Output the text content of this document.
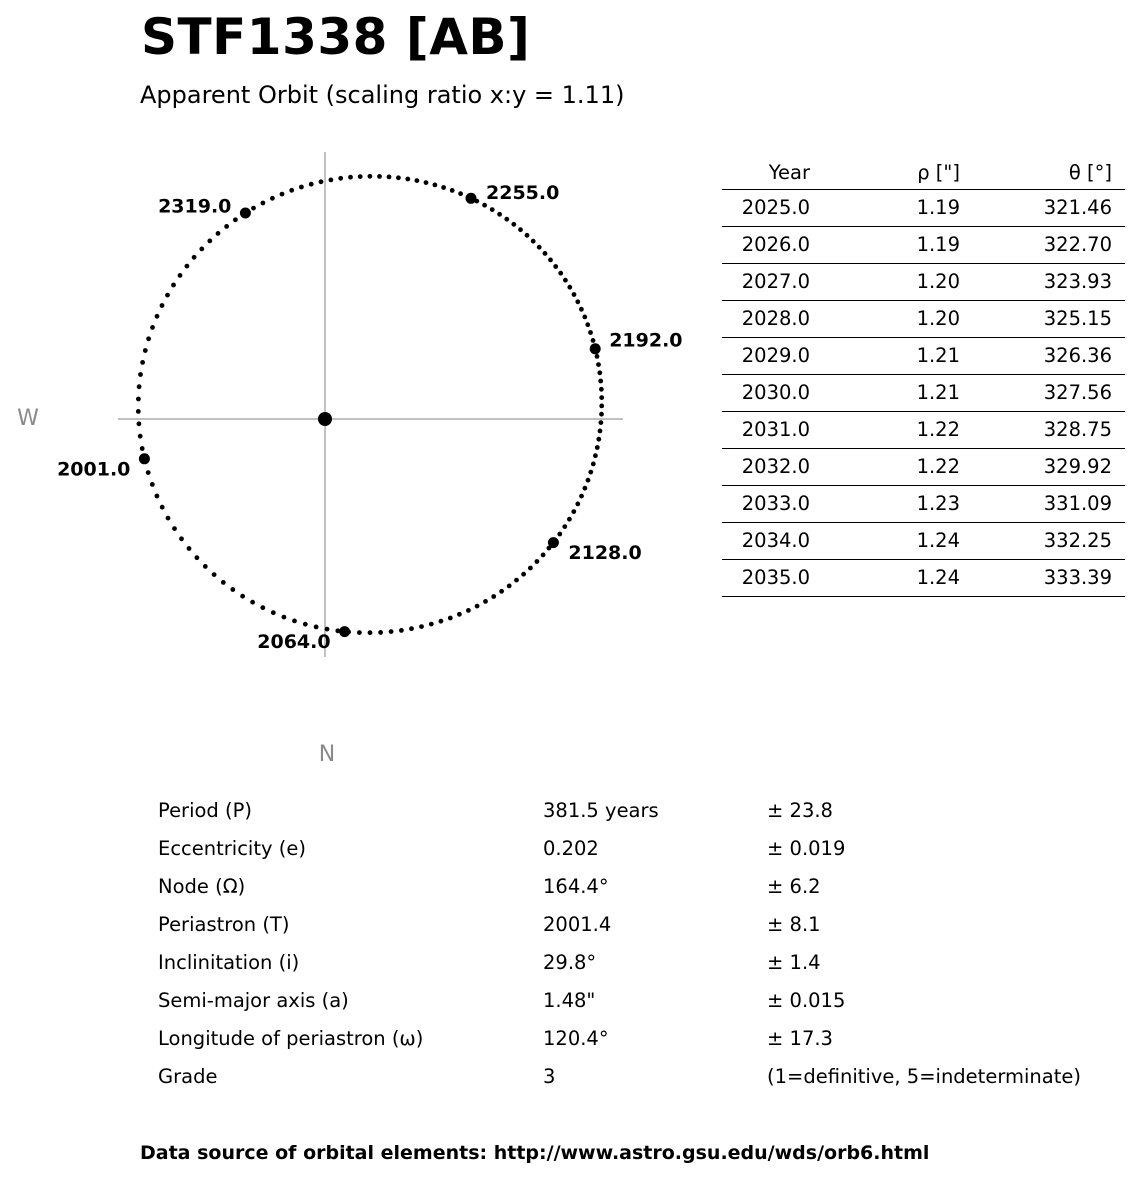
STF1338 [AB]
Apparent Orbit (scaling ratio x:y = 1.11)
2001.0
2064.0
2128.0
2192.0
2255.0
2319.0
W
N
Year	ρ ["]	θ [°]
2025.0	1.19	321.46
2026.0	1.19	322.70
2027.0	1.20	323.93
2028.0	1.20	325.15
2029.0	1.21	326.36
2030.0	1.21	327.56
2031.0	1.22	328.75
2032.0	1.22	329.92
2033.0	1.23	331.09
2034.0	1.24	332.25
2035.0	1.24	333.39
Period (P)	381.5 years	± 23.8
Eccentricity (e)	0.202	± 0.019
Node (Ω)	164.4°	± 6.2
Periastron (T)	2001.4	± 8.1
Inclinitation (i)	29.8°	± 1.4
Semi-major axis (a)	1.48"	± 0.015
Longitude of periastron (ω)	120.4°	± 17.3
Grade	3	(1=definitive, 5=indeterminate)
Data source of orbital elements: http://www.astro.gsu.edu/wds/orb6.html
